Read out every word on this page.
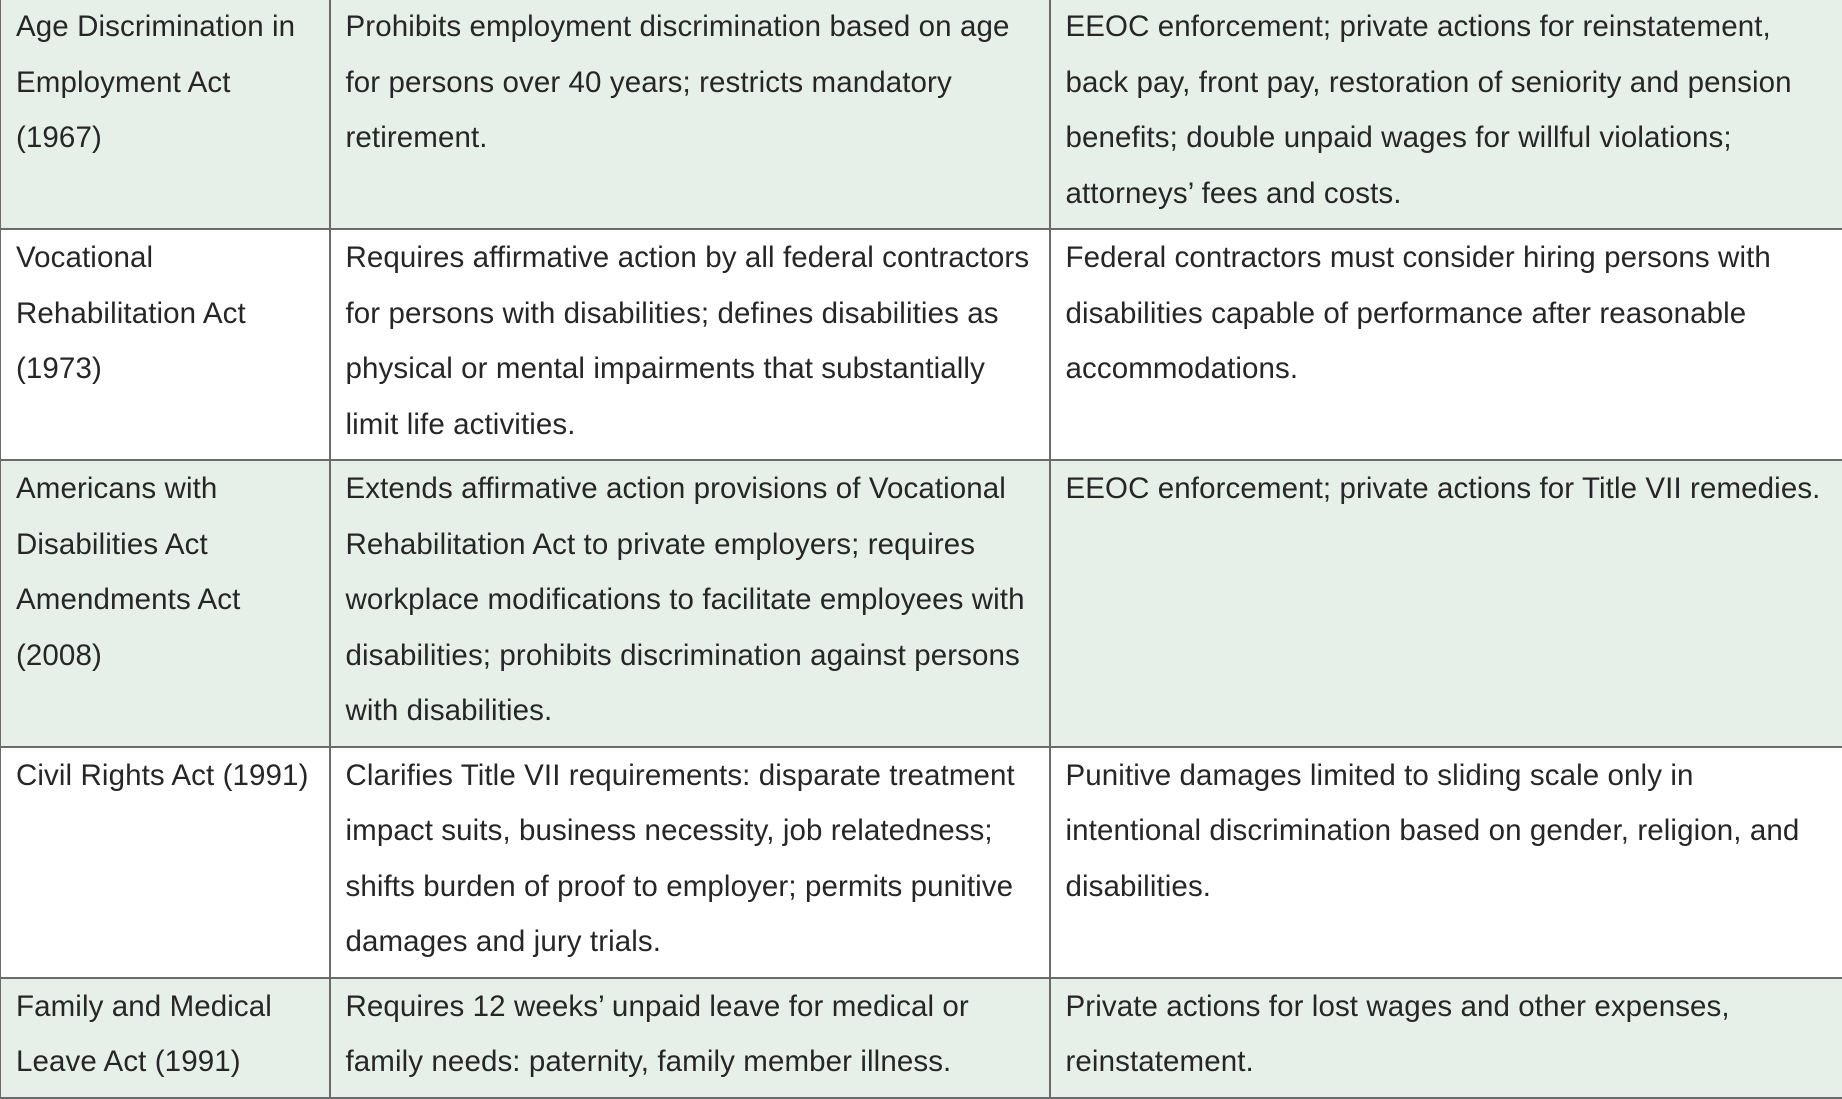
Age Discrimination in Employment Act (1967)	Prohibits employment discrimination based on age for persons over 40 years; restricts mandatory retirement.	EEOC enforcement; private actions for reinstatement, back pay, front pay, restoration of seniority and pension benefits; double unpaid wages for willful violations; attorneys’ fees and costs.
Vocational Rehabilitation Act (1973)	Requires affirmative action by all federal contractors for persons with disabilities; defines disabilities as physical or mental impairments that substantially limit life activities.	Federal contractors must consider hiring persons with disabilities capable of performance after reasonable accommodations.
Americans with Disabilities Act Amendments Act (2008)	Extends affirmative action provisions of Vocational Rehabilitation Act to private employers; requires workplace modifications to facilitate employees with disabilities; prohibits discrimination against persons with disabilities.	EEOC enforcement; private actions for Title VII remedies.
Civil Rights Act (1991)	Clarifies Title VII requirements: disparate treatment impact suits, business necessity, job relatedness; shifts burden of proof to employer; permits punitive damages and jury trials.	Punitive damages limited to sliding scale only in intentional discrimination based on gender, religion, and disabilities.
Family and Medical Leave Act (1991)	Requires 12 weeks’ unpaid leave for medical or family needs: paternity, family member illness.	Private actions for lost wages and other expenses, reinstatement.
